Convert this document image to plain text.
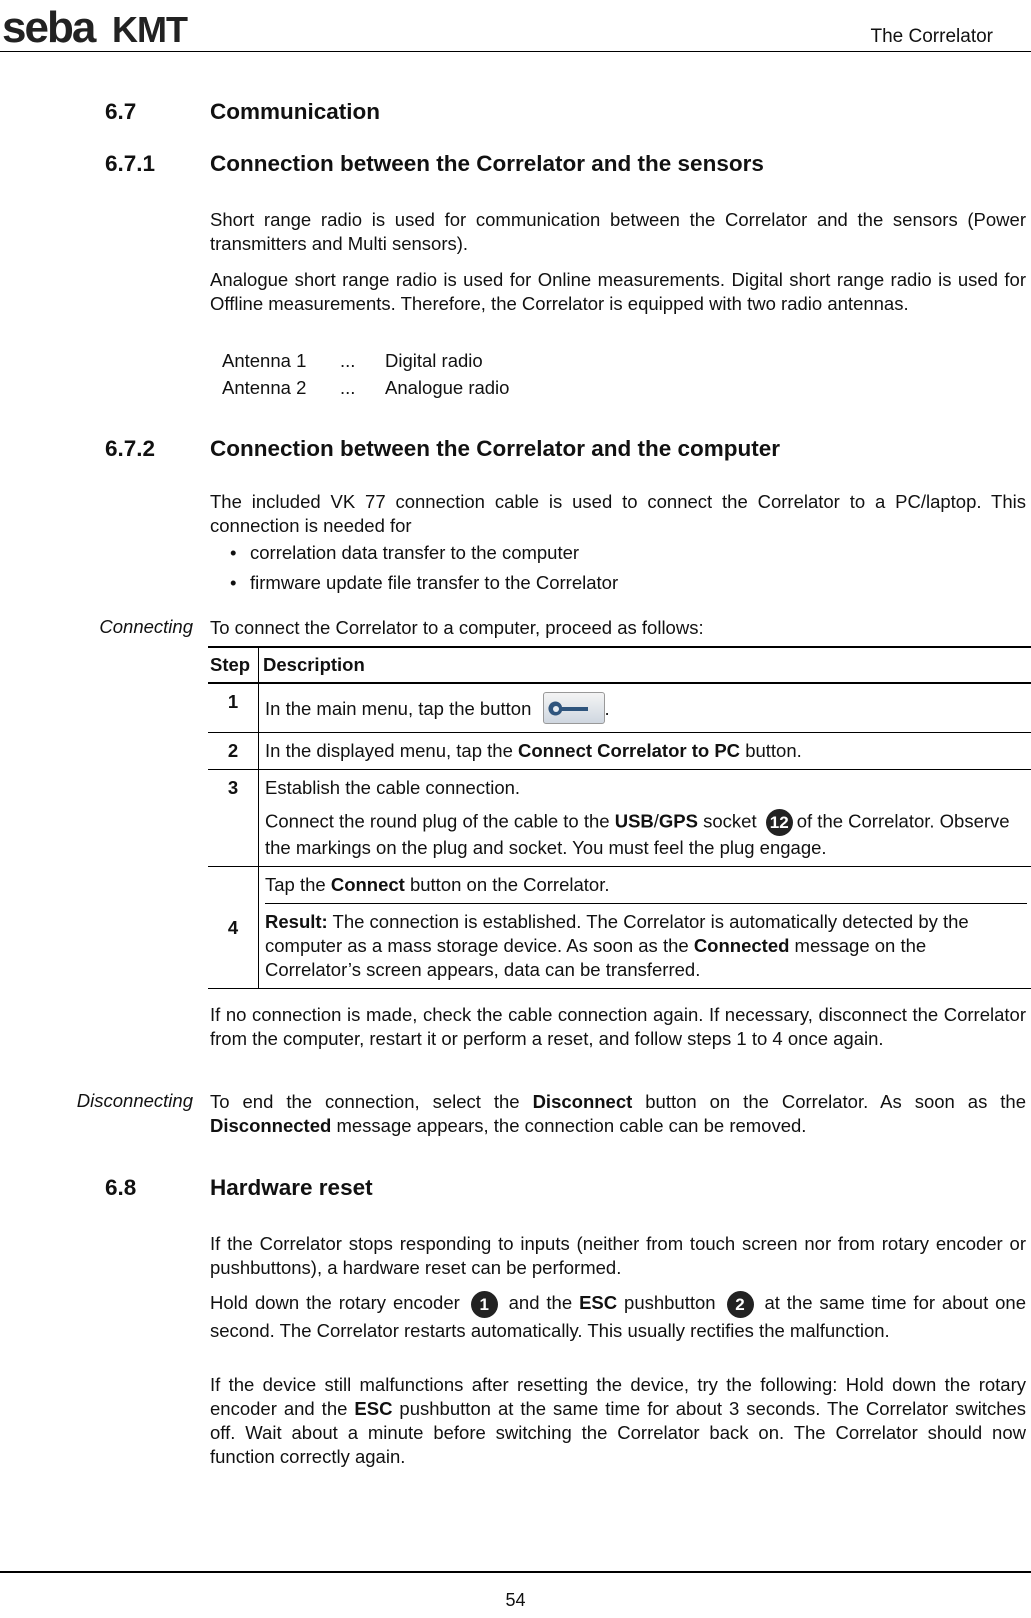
seba KMT	The Correlator
6.7	Communication
6.7.1 Connection between the Correlator and the sensors

Short range radio is used for communication between the Correlator and the sensors (Power transmitters and Multi sensors).

Analogue short range radio is used for Online measurements. Digital short range radio is used for Offline measurements. Therefore, the Correlator is equipped with two radio antennas.

Antenna 1 ... Digital radio
Antenna 2 ... Analogue radio
6.7.2 Connection between the Correlator and the computer

The included VK 77 connection cable is used to connect the Correlator to a PC/laptop. This connection is needed for

• correlation data transfer to the computer
• firmware update file transfer to the Correlator
Connecting To connect the Correlator to a computer, proceed as follows:
Step	Description
1	In the main menu, tap the button .
2	In the displayed menu, tap the Connect Correlator to PC button.
3	Establish the cable connection.
Connect the round plug of the cable to the USB/GPS socket 12 of the Correlator. Observe the markings on the plug and socket. You must feel the plug engage.

4	Tap the Connect button on the Correlator.
Result: The connection is established. The Correlator is automatically detected by the computer as a mass storage device. As soon as the Connected message on the Correlator’s screen appears, data can be transferred.

If no connection is made, check the cable connection again. If necessary, disconnect the Correlator from the computer, restart it or perform a reset, and follow steps 1 to 4 once again.

Disconnecting To end the connection, select the Disconnect button on the Correlator. As soon as the Disconnected message appears, the connection cable can be removed.

6.8	Hardware reset

If the Correlator stops responding to inputs (neither from touch screen nor from rotary encoder or pushbuttons), a hardware reset can be performed.

Hold down the rotary encoder 1 and the ESC pushbutton 2 at the same time for about one second. The Correlator restarts automatically. This usually rectifies the malfunction.

If the device still malfunctions after resetting the device, try the following: Hold down the rotary encoder and the ESC pushbutton at the same time for about 3 seconds. The Correlator switches off. Wait about a minute before switching the Correlator back on. The Correlator should now function correctly again.

54
